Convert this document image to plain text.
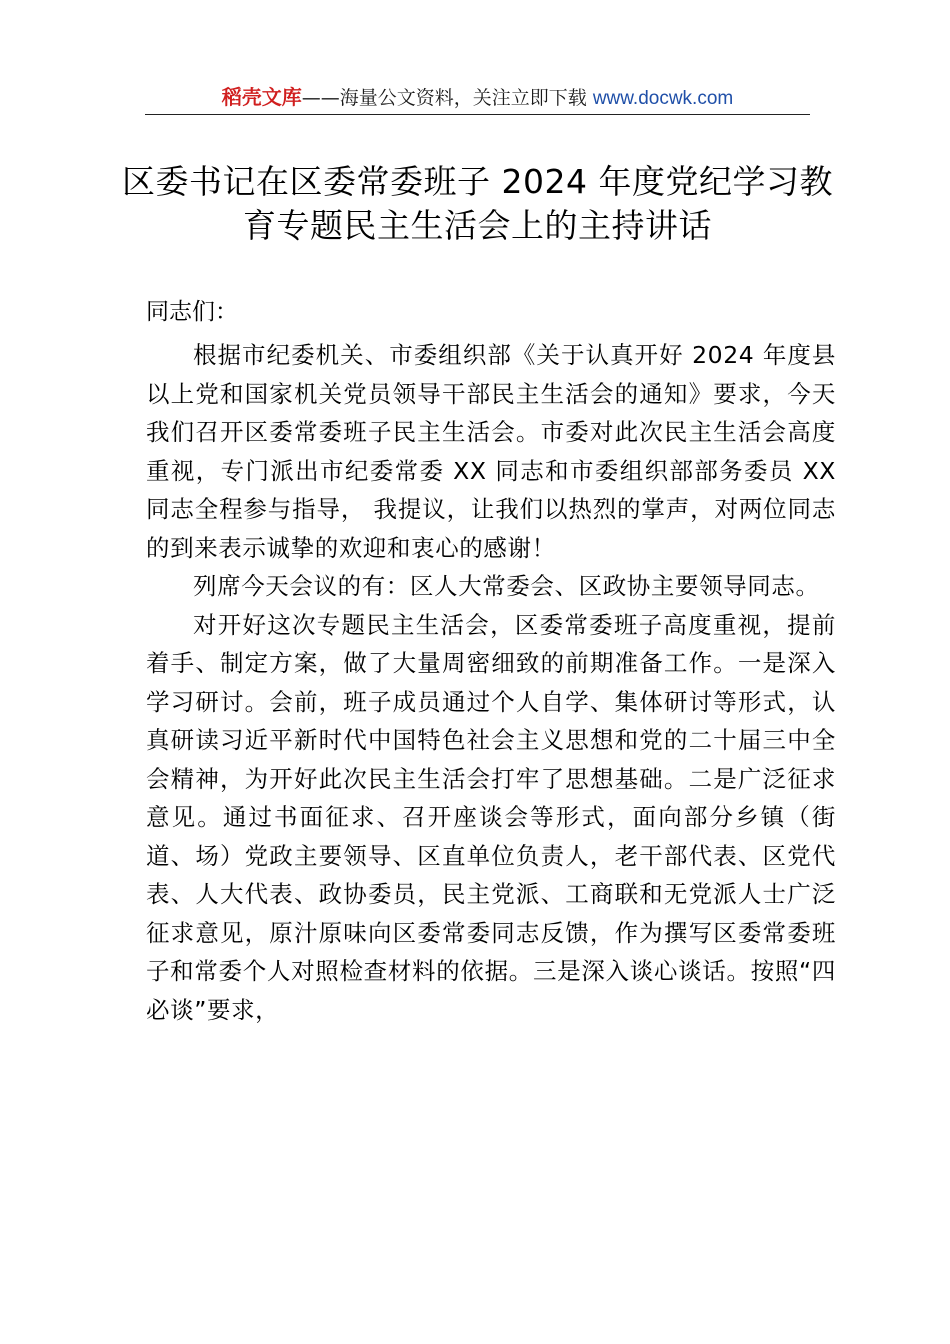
稻壳文库——海量公文资料，关注立即下载 www.docwk.com
区委书记在区委常委班子 2024 年度党纪学习教育专题民主生活会上的主持讲话

同志们：

根据市纪委机关、市委组织部《关于认真开好 2024 年度县以上党和国家机关党员领导干部民主生活会的通知》要求，今天我们召开区委常委班子民主生活会。市委对此次民主生活会高度重视，专门派出市纪委常委 XX 同志和市委组织部部务委员 XX 同志全程参与指导， 我提议，让我们以热烈的掌声，对两位同志的到来表示诚挚的欢迎和衷心的感谢！

列席今天会议的有：区人大常委会、区政协主要领导同志。

对开好这次专题民主生活会，区委常委班子高度重视，提前着手、制定方案，做了大量周密细致的前期准备工作。一是深入学习研讨。会前，班子成员通过个人自学、集体研讨等形式，认真研读习近平新时代中国特色社会主义思想和党的二十届三中全会精神，为开好此次民主生活会打牢了思想基础。二是广泛征求意见。通过书面征求、召开座谈会等形式，面向部分乡镇（街道、场）党政主要领导、区直单位负责人，老干部代表、区党代表、人大代表、政协委员，民主党派、工商联和无党派人士广泛征求意见，原汁原味向区委常委同志反馈，作为撰写区委常委班子和常委个人对照检查材料的依据。三是深入谈心谈话。按照“四必谈”要求，
